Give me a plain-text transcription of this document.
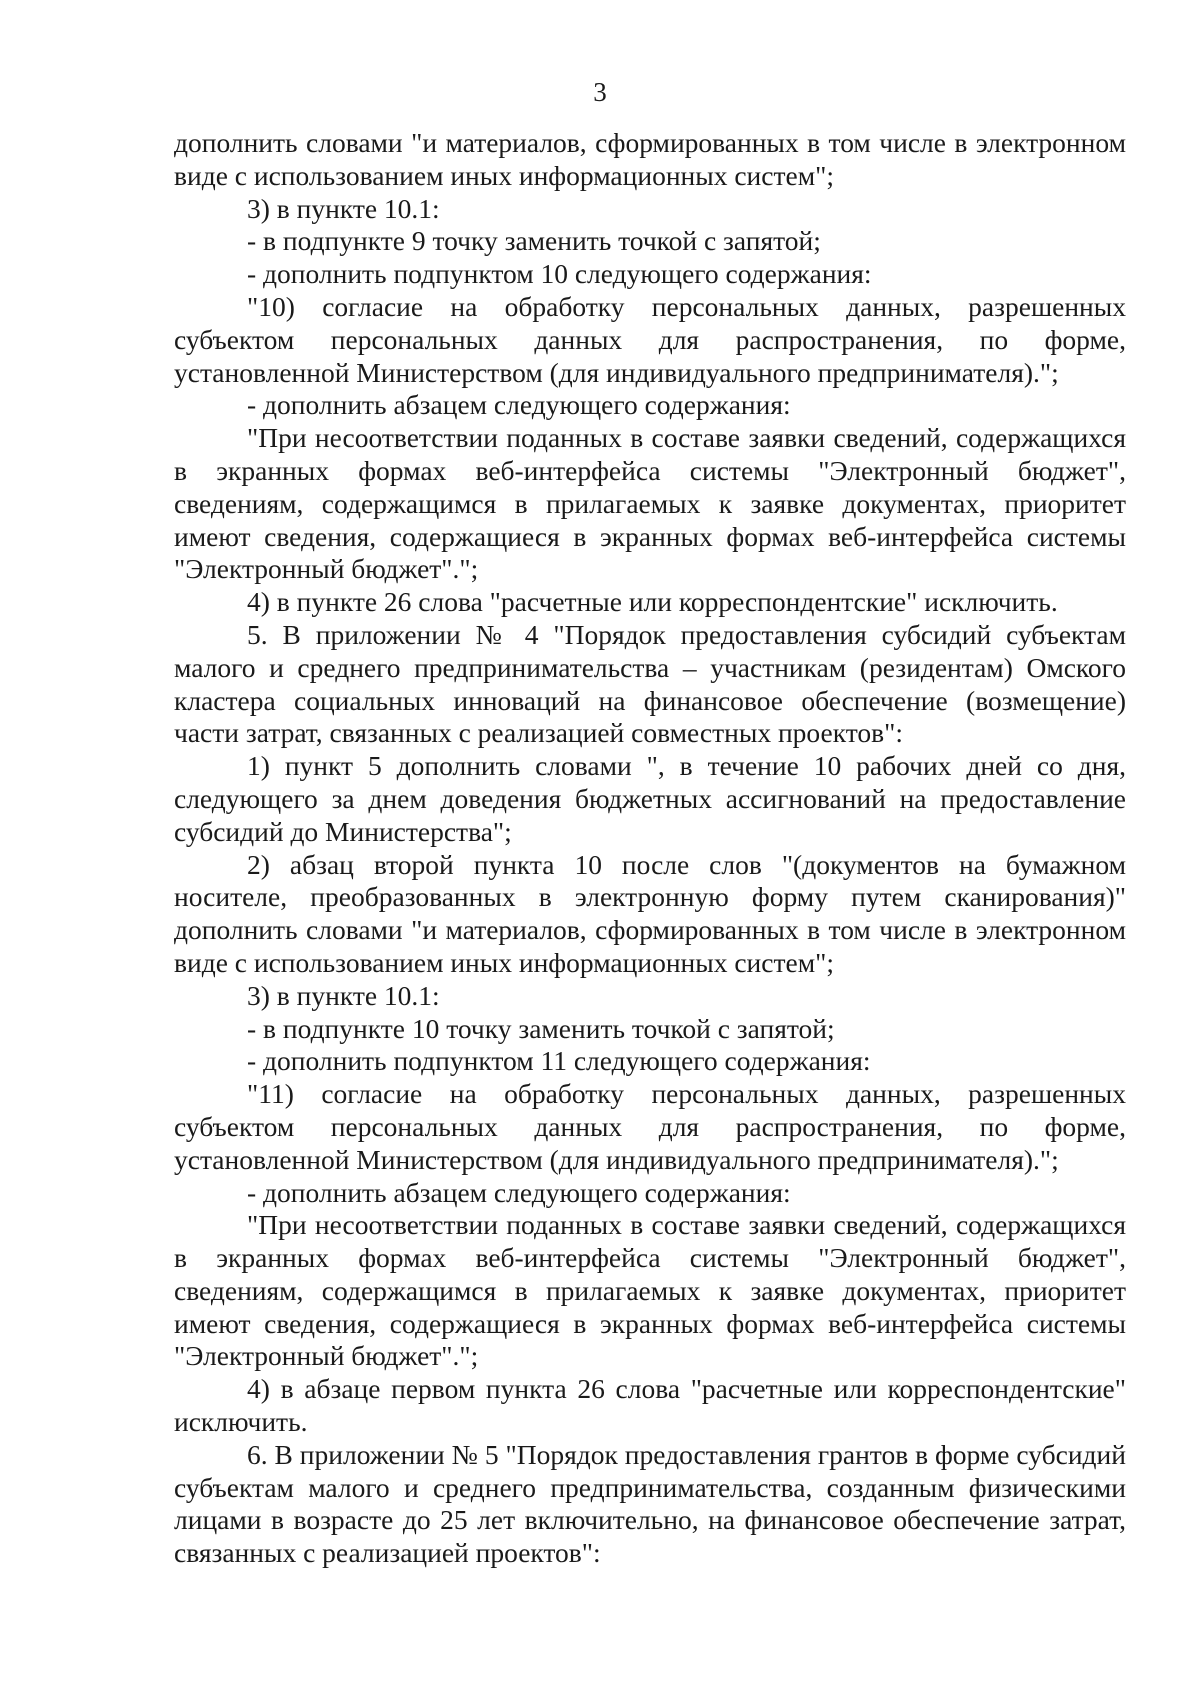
3

дополнить словами "и материалов, сформированных в том числе в электронном виде с использованием иных информационных систем";

3) в пункте 10.1:

- в подпункте 9 точку заменить точкой с запятой;

- дополнить подпунктом 10 следующего содержания:

"10) согласие на обработку персональных данных, разрешенных субъектом персональных данных для распространения, по форме, установленной Министерством (для индивидуального предпринимателя).";

- дополнить абзацем следующего содержания:

"При несоответствии поданных в составе заявки сведений, содержащихся в экранных формах веб-интерфейса системы "Электронный бюджет", сведениям, содержащимся в прилагаемых к заявке документах, приоритет имеют сведения, содержащиеся в экранных формах веб-интерфейса системы "Электронный бюджет".";

4) в пункте 26 слова "расчетные или корреспондентские" исключить.

5. В приложении № 4 "Порядок предоставления субсидий субъектам малого и среднего предпринимательства – участникам (резидентам) Омского кластера социальных инноваций на финансовое обеспечение (возмещение) части затрат, связанных с реализацией совместных проектов":

1) пункт 5 дополнить словами ", в течение 10 рабочих дней со дня, следующего за днем доведения бюджетных ассигнований на предоставление субсидий до Министерства";

2) абзац второй пункта 10 после слов "(документов на бумажном носителе, преобразованных в электронную форму путем сканирования)" дополнить словами "и материалов, сформированных в том числе в электронном виде с использованием иных информационных систем";

3) в пункте 10.1:

- в подпункте 10 точку заменить точкой с запятой;

- дополнить подпунктом 11 следующего содержания:

"11) согласие на обработку персональных данных, разрешенных субъектом персональных данных для распространения, по форме, установленной Министерством (для индивидуального предпринимателя).";

- дополнить абзацем следующего содержания:

"При несоответствии поданных в составе заявки сведений, содержащихся в экранных формах веб-интерфейса системы "Электронный бюджет", сведениям, содержащимся в прилагаемых к заявке документах, приоритет имеют сведения, содержащиеся в экранных формах веб-интерфейса системы "Электронный бюджет".";

4) в абзаце первом пункта 26 слова "расчетные или корреспондентские" исключить.

6. В приложении № 5 "Порядок предоставления грантов в форме субсидий субъектам малого и среднего предпринимательства, созданным физическими лицами в возрасте до 25 лет включительно, на финансовое обеспечение затрат, связанных с реализацией проектов":
